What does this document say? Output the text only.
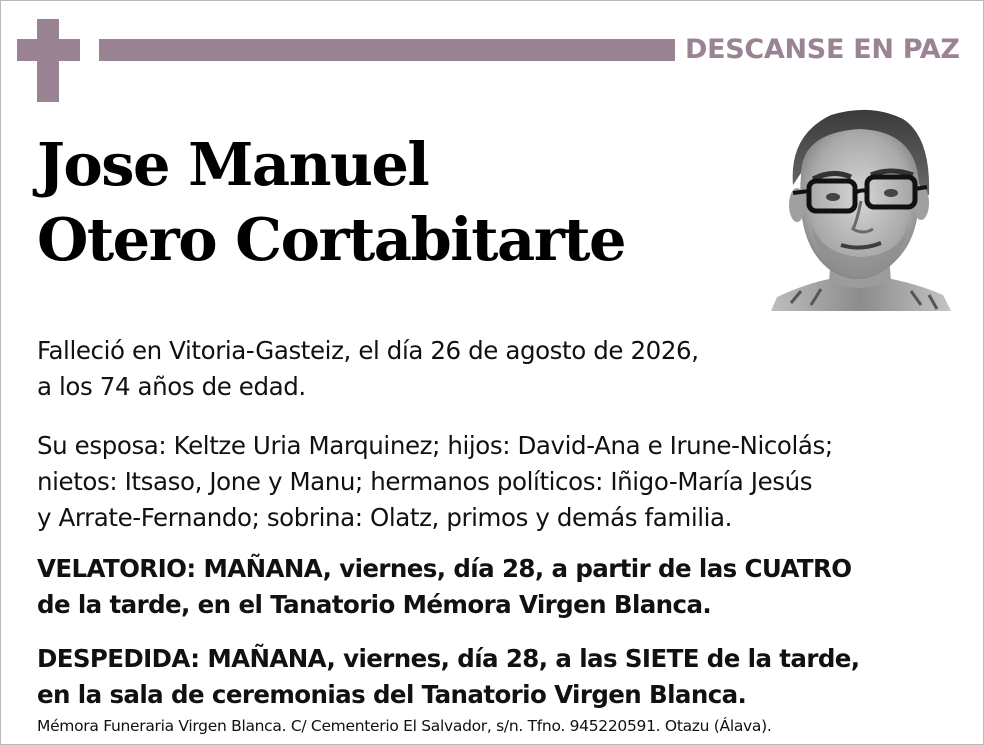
DESCANSE EN PAZ
Jose Manuel
Otero Cortabitarte

Falleció en Vitoria-Gasteiz, el día 26 de agosto de 2026,
a los 74 años de edad.

Su esposa: Keltze Uria Marquinez; hijos: David-Ana e Irune-Nicolás;
nietos: Itsaso, Jone y Manu; hermanos políticos: Iñigo-María Jesús
y Arrate-Fernando; sobrina: Olatz, primos y demás familia.

VELATORIO: MAÑANA, viernes, día 28, a partir de las CUATRO
de la tarde, en el Tanatorio Mémora Virgen Blanca.

DESPEDIDA: MAÑANA, viernes, día 28, a las SIETE de la tarde,
en la sala de ceremonias del Tanatorio Virgen Blanca.

Mémora Funeraria Virgen Blanca. C/ Cementerio El Salvador, s/n. Tfno. 945220591. Otazu (Álava).
